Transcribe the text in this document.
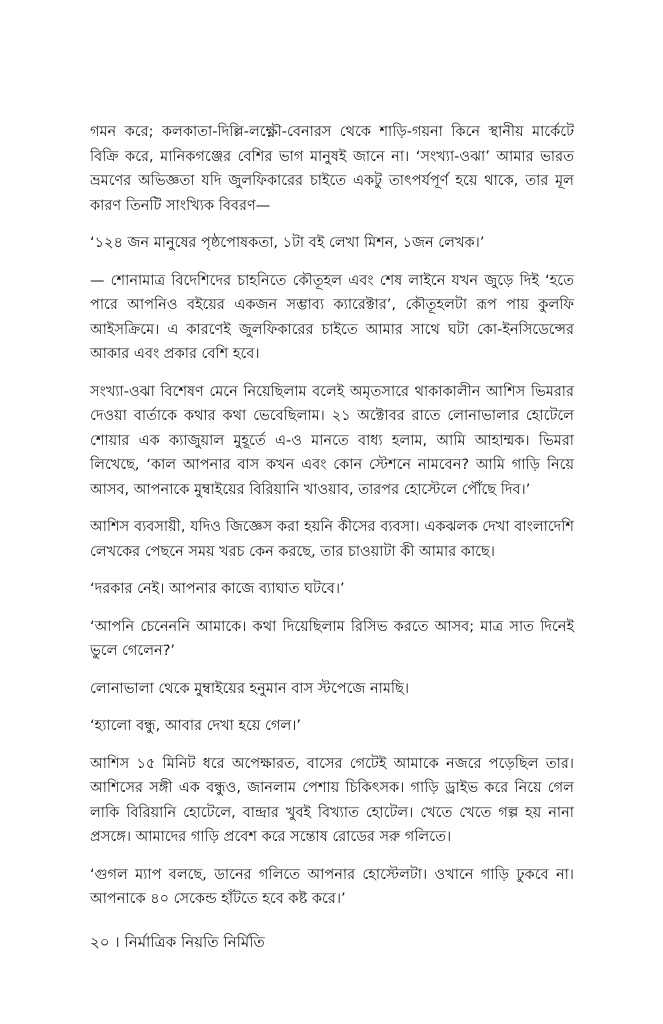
গমন করে; কলকাতা-দিল্লি-লক্ষ্ণৌ-বেনারস থেকে শাড়ি-গয়না কিনে স্থানীয় মার্কেটে বিক্রি করে, মানিকগঞ্জের বেশির ভাগ মানুষই জানে না। ‘সংখ্যা-ওঝা’ আমার ভারত ভ্রমণের অভিজ্ঞতা যদি জুলফিকারের চাইতে একটু তাৎপর্যপূর্ণ হয়ে থাকে, তার মূল কারণ তিনটি সাংখ্যিক বিবরণ—

‘১২৪ জন মানুষের পৃষ্ঠপোষকতা, ১টা বই লেখা মিশন, ১জন লেখক।’

— শোনামাত্র বিদেশিদের চাহনিতে কৌতূহল এবং শেষ লাইনে যখন জুড়ে দিই ‘হতে পারে আপনিও বইয়ের একজন সম্ভাব্য ক্যারেক্টার’, কৌতূহলটা রূপ পায় কুলফি আইসক্রিমে। এ কারণেই জুলফিকারের চাইতে আমার সাথে ঘটা কো-ইনসিডেন্সের আকার এবং প্রকার বেশি হবে।

সংখ্যা-ওঝা বিশেষণ মেনে নিয়েছিলাম বলেই অমৃতসারে থাকাকালীন আশিস ভিমরার দেওয়া বার্তাকে কথার কথা ভেবেছিলাম। ২১ অক্টোবর রাতে লোনাভালার হোটেলে শোয়ার এক ক্যাজুয়াল মুহূর্তে এ-ও মানতে বাধ্য হলাম, আমি আহাম্মক। ভিমরা লিখেছে, ‘কাল আপনার বাস কখন এবং কোন স্টেশনে নামবেন? আমি গাড়ি নিয়ে আসব, আপনাকে মুম্বাইয়ের বিরিয়ানি খাওয়াব, তারপর হোস্টেলে পৌঁছে দিব।’

আশিস ব্যবসায়ী, যদিও জিজ্ঞেস করা হয়নি কীসের ব্যবসা। একঝলক দেখা বাংলাদেশি লেখকের পেছনে সময় খরচ কেন করছে, তার চাওয়াটা কী আমার কাছে।

‘দরকার নেই। আপনার কাজে ব্যাঘাত ঘটবে।’

‘আপনি চেনেননি আমাকে। কথা দিয়েছিলাম রিসিভ করতে আসব; মাত্র সাত দিনেই ভুলে গেলেন?’

লোনাভালা থেকে মুম্বাইয়ের হনুমান বাস স্টপেজে নামছি।

‘হ্যালো বন্ধু, আবার দেখা হয়ে গেল।’

আশিস ১৫ মিনিট ধরে অপেক্ষারত, বাসের গেটেই আমাকে নজরে পড়েছিল তার। আশিসের সঙ্গী এক বন্ধুও, জানলাম পেশায় চিকিৎসক। গাড়ি ড্রাইভ করে নিয়ে গেল লাকি বিরিয়ানি হোটেলে, বান্দ্রার খুবই বিখ্যাত হোটেল। খেতে খেতে গল্প হয় নানা প্রসঙ্গে। আমাদের গাড়ি প্রবেশ করে সন্তোষ রোডের সরু গলিতে।

‘গুগল ম্যাপ বলছে, ডানের গলিতে আপনার হোস্টেলটা। ওখানে গাড়ি ঢুকবে না। আপনাকে ৪০ সেকেন্ড হাঁটতে হবে কষ্ট করে।’

২০ । নির্মাত্রিক নিয়তি নির্মিতি
